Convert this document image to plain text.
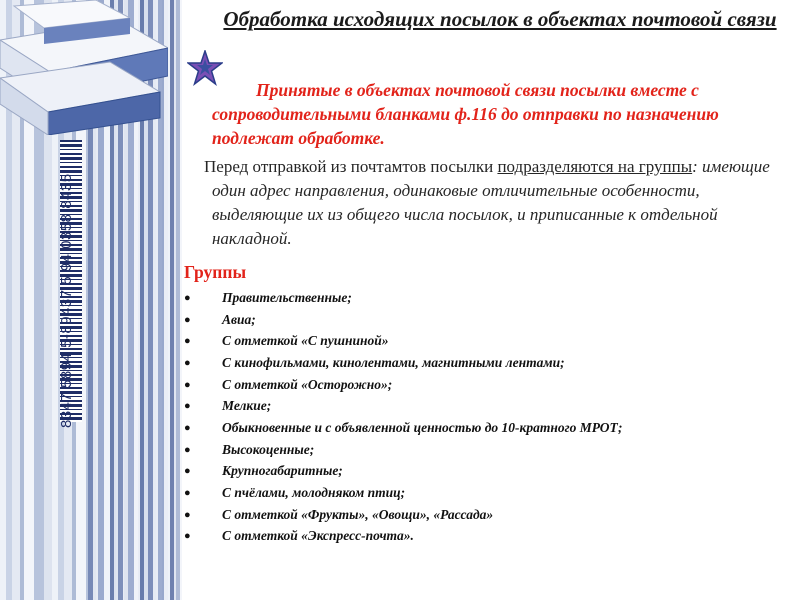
8347 5894 5-89437 5 94 0358 8435
Обработка исходящих посылок в объектах почтовой связи
Принятые в объектах почтовой связи посылки вместе с сопроводительными бланками ф.116 до отправки по назначению подлежат обработке.
Перед отправкой из почтамтов посылки подразделяются на группы: имеющие один адрес направления, одинаковые отличительные особенности, выделяющие их из общего числа посылок, и приписанные к отдельной накладной.
Группы
●	Правительственные;
●	Авиа;
●	С отметкой «С пушниной»
●	С кинофильмами, кинолентами, магнитными лентами;
●	С отметкой «Осторожно»;
●	Мелкие;
●	Обыкновенные и с объявленной ценностью до 10-кратного МРОТ;
●	Высокоценные;
●	Крупногабаритные;
●	С пчёлами, молодняком птиц;
●	С отметкой «Фрукты», «Овощи», «Рассада»
●	С отметкой «Экспресс-почта».
